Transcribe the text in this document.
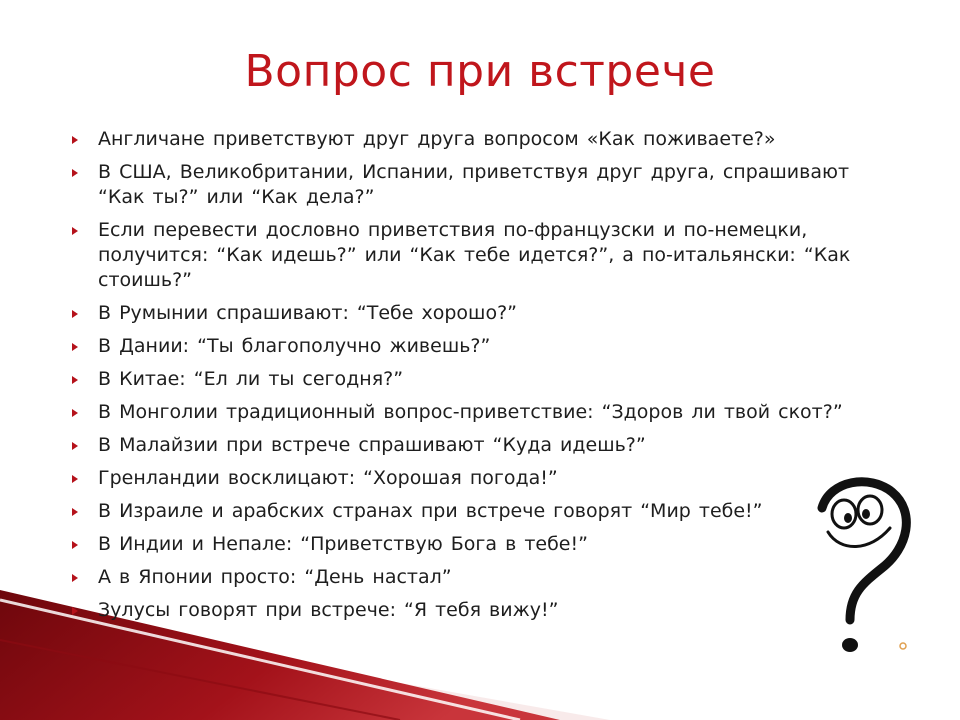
Вопрос при встрече
Англичане приветствуют друг друга вопросом «Как поживаете?»
В США, Великобритании, Испании, приветствуя друг друга, спрашивают “Как ты?” или “Как дела?”
Если перевести дословно приветствия по-французски и по-немецки, получится: “Как идешь?” или “Как тебе идется?”, а по-итальянски: “Как стоишь?”
В Румынии спрашивают: “Тебе хорошо?”
В Дании: “Ты благополучно живешь?”
В Китае: “Ел ли ты сегодня?”
В Монголии традиционный вопрос-приветствие: “Здоров ли твой скот?”
В Малайзии при встрече спрашивают “Куда идешь?”
Гренландии восклицают: “Хорошая погода!”
В Израиле и арабских странах при встрече говорят “Мир тебе!”
В Индии и Непале: “Приветствую Бога в тебе!”
А в Японии просто: “День настал”
Зулусы говорят при встрече: “Я тебя вижу!”
